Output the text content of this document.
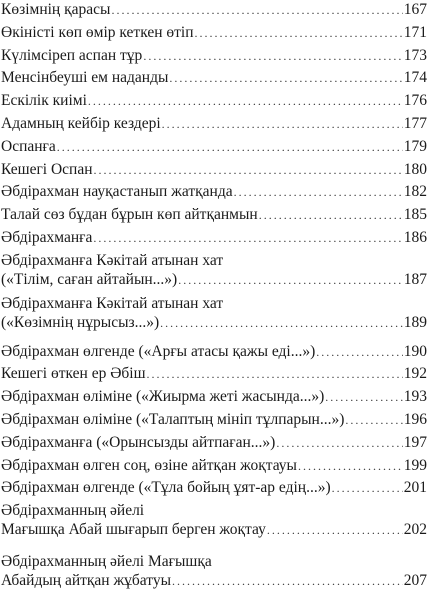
Көзімнің қарасы . . .	167
Өкіністі көп өмір кеткен өтіп . . .	171
Күлімсіреп аспан тұр . . .	173
Менсінбеуші ем наданды . . .	174
Ескілік киімі . . .	176
Адамның кейбір кездері . . .	177
Оспанға . . .	179
Кешегі Оспан . . .	180
Әбдірахман науқастанып жатқанда . . .	182
Талай сөз бұдан бұрын көп айтқанмын . . .	185
Әбдірахманға . . .	186
Әбдірахманға Кәкітай атынан хат
(«Тілім, саған айтайын...») . . .	187
Әбдірахманға Кәкітай атынан хат
(«Көзімнің нұрысыз...») . . .	189
Әбдірахман өлгенде («Арғы атасы қажы еді...») . . .	190
Кешегі өткен ер Әбіш . . .	192
Әбдірахман өліміне («Жиырма жеті жасында...») . . .	193
Әбдірахман өліміне («Талаптың мініп тұлпарын...») . . .	196
Әбдірахманға («Орынсызды айтпаған...») . . .	197
Әбдірахман өлген соң, өзіне айтқан жоқтауы . . .	199
Әбдірахман өлгенде («Тұла бойың ұят-ар едің...») . . .	201
Әбдірахманның әйелі
Мағышқа Абай шығарып берген жоқтау . . .	202
Әбдірахманның әйелі Мағышқа
Абайдың айтқан жұбатуы . . .	207
